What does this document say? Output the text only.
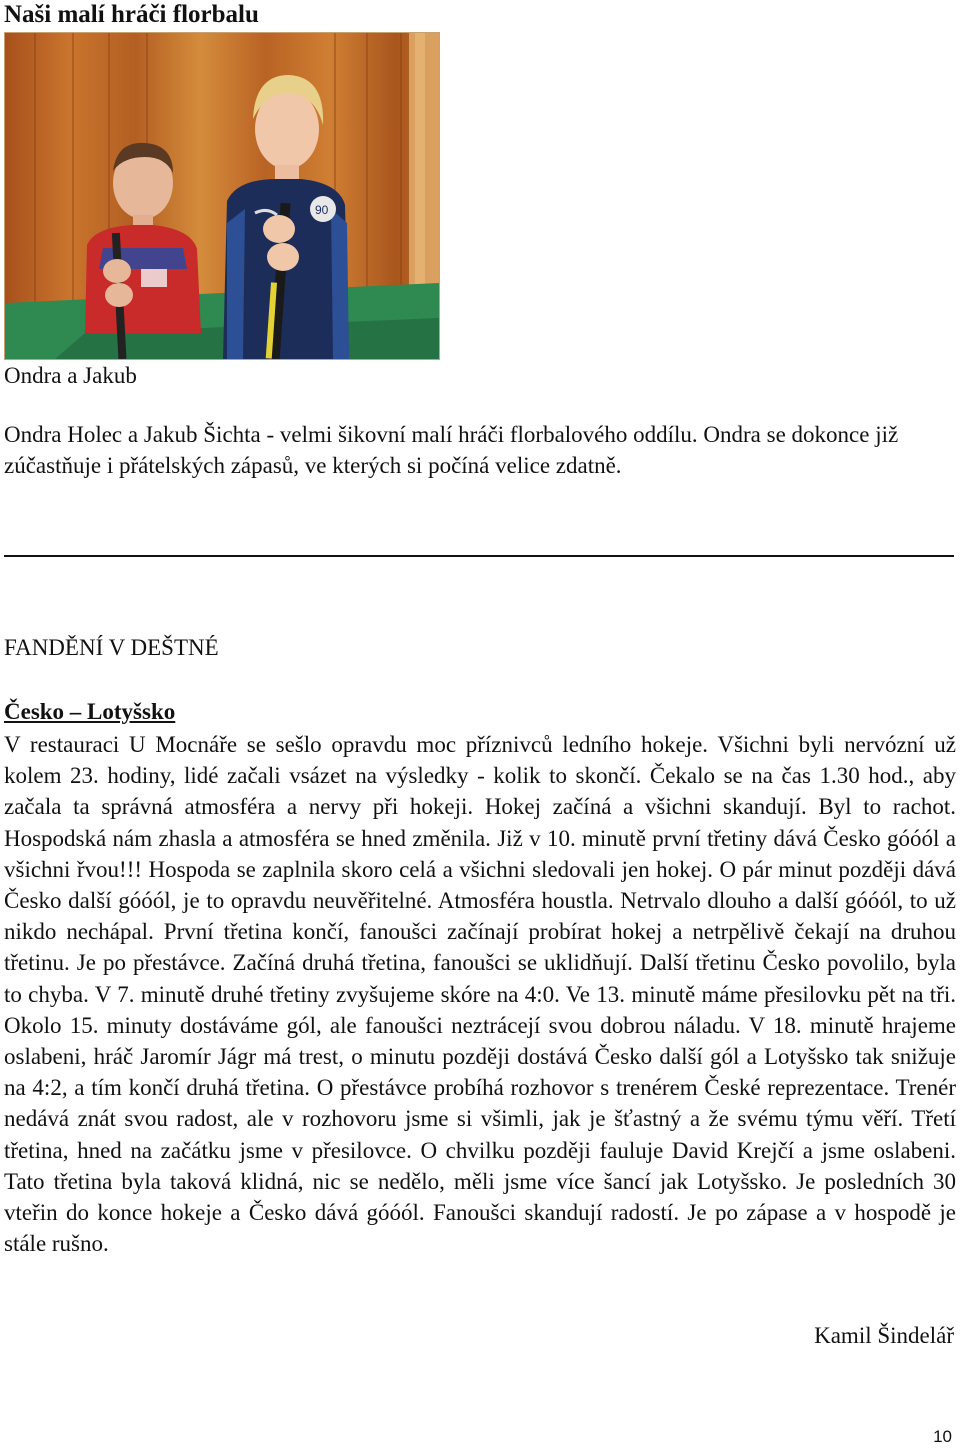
Naši malí hráči florbalu
90

Ondra a Jakub

Ondra Holec a Jakub Šichta - velmi šikovní malí hráči florbalového oddílu. Ondra se dokonce již zúčastňuje i přátelských zápasů, ve kterých si počíná velice zdatně.

FANDĚNÍ V DEŠTNÉ
Česko – Lotyšsko

V restauraci U Mocnáře se sešlo opravdu moc příznivců ledního hokeje. Všichni byli nervózní už kolem 23. hodiny, lidé začali vsázet na výsledky - kolik to skončí. Čekalo se na čas 1.30 hod., aby začala ta správná atmosféra a nervy při hokeji. Hokej začíná a všichni skandují. Byl to rachot. Hospodská nám zhasla a atmosféra se hned změnila. Již v 10. minutě první třetiny dává Česko góóól a všichni řvou!!! Hospoda se zaplnila skoro celá a všichni sledovali jen hokej. O pár minut později dává Česko další góóól, je to opravdu neuvěřitelné. Atmosféra houstla. Netrvalo dlouho a další góóól, to už nikdo nechápal. První třetina končí, fanoušci začínají probírat hokej a netrpělivě čekají na druhou třetinu. Je po přestávce. Začíná druhá třetina, fanoušci se uklidňují. Další třetinu Česko povolilo, byla to chyba. V 7. minutě druhé třetiny zvyšujeme skóre na 4:0. Ve 13. minutě máme přesilovku pět na tři. Okolo 15. minuty dostáváme gól, ale fanoušci neztrácejí svou dobrou náladu. V 18. minutě hrajeme oslabeni, hráč Jaromír Jágr má trest, o minutu později dostává Česko další gól a Lotyšsko tak snižuje na 4:2, a tím končí druhá třetina. O přestávce probíhá rozhovor s trenérem České reprezentace. Trenér nedává znát svou radost, ale v rozhovoru jsme si všimli, jak je šťastný a že svému týmu věří. Třetí třetina, hned na začátku jsme v přesilovce. O chvilku později fauluje David Krejčí a jsme oslabeni. Tato třetina byla taková klidná, nic se nedělo, měli jsme více šancí jak Lotyšsko. Je posledních 30 vteřin do konce hokeje a Česko dává góóól. Fanoušci skandují radostí. Je po zápase a v hospodě je stále rušno.

Kamil Šindelář

10
